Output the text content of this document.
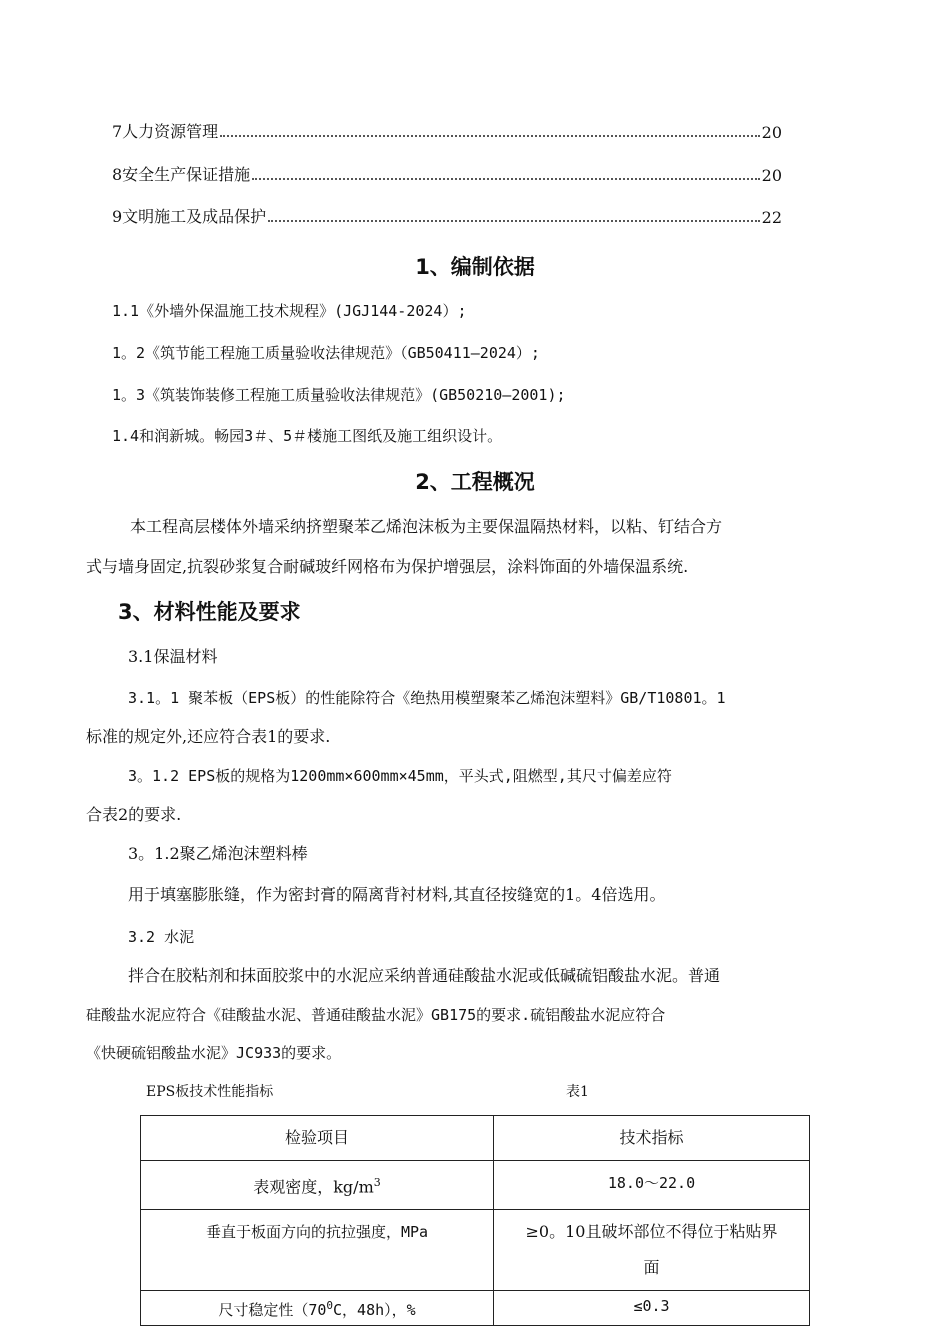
7人力资源管理	20
8安全生产保证措施	20
9文明施工及成品保护	22
1、编制依据
1.1《外墙外保温施工技术规程》(JGJ144-2024）;
1。2《筑节能工程施工质量验收法律规范》（GB50411—2024）;
1。3《筑装饰装修工程施工质量验收法律规范》(GB50210—2001);
1.4和润新城。畅园3＃、5＃楼施工图纸及施工组织设计。
2、工程概况
本工程高层楼体外墙采纳挤塑聚苯乙烯泡沫板为主要保温隔热材料，以粘、钉结合方
式与墙身固定,抗裂砂浆复合耐碱玻纤网格布为保护增强层，涂料饰面的外墙保温系统.
3、材料性能及要求
3.1保温材料
3.1。1 聚苯板（EPS板）的性能除符合《绝热用模塑聚苯乙烯泡沫塑料》GB/T10801。1
标准的规定外,还应符合表1的要求.
3。1.2 EPS板的规格为1200mm×600mm×45mm，平头式,阻燃型,其尺寸偏差应符
合表2的要求.
3。1.2聚乙烯泡沫塑料棒
用于填塞膨胀缝，作为密封膏的隔离背衬材料,其直径按缝宽的1。4倍选用。
3.2 水泥
拌合在胶粘剂和抹面胶浆中的水泥应采纳普通硅酸盐水泥或低碱硫铝酸盐水泥。普通
硅酸盐水泥应符合《硅酸盐水泥、普通硅酸盐水泥》GB175的要求.硫铝酸盐水泥应符合
《快硬硫铝酸盐水泥》JC933的要求。
EPS板技术性能指标	表1
检验项目	技术指标
表观密度，$kg/m^3$	18.0～22.0
垂直于板面方向的抗拉强度，MPa	≥0。10且破坏部位不得位于粘贴界
面
尺寸稳定性（$70^0C$，48h），%	≤0.3
